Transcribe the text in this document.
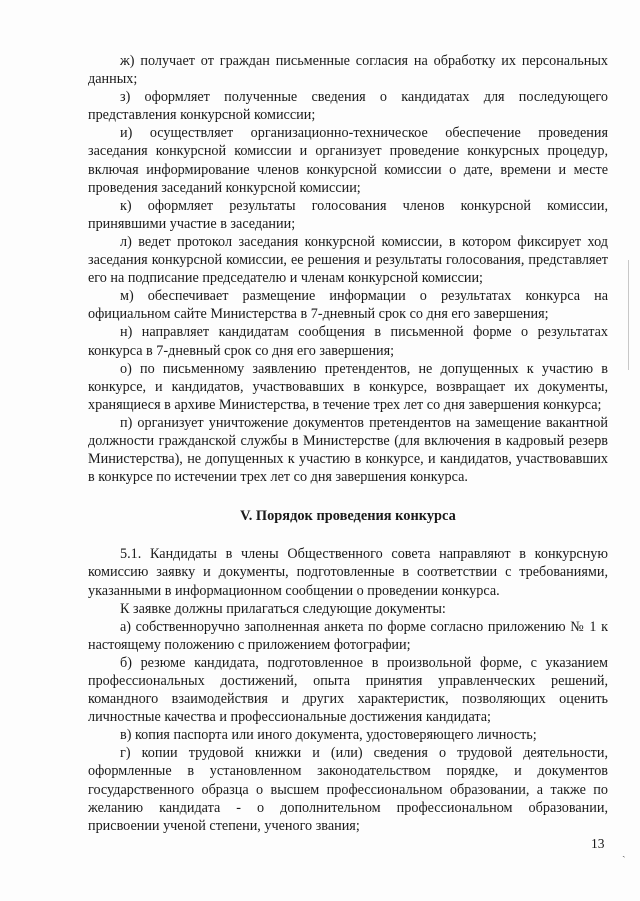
ж) получает от граждан письменные согласия на обработку их персональных данных;

з) оформляет полученные сведения о кандидатах для последующего представления конкурсной комиссии;

и) осуществляет организационно-техническое обеспечение проведения заседания конкурсной комиссии и организует проведение конкурсных процедур, включая информирование членов конкурсной комиссии о дате, времени и месте проведения заседаний конкурсной комиссии;

к) оформляет результаты голосования членов конкурсной комиссии, принявшими участие в заседании;

л) ведет протокол заседания конкурсной комиссии, в котором фиксирует ход заседания конкурсной комиссии, ее решения и результаты голосования, представляет его на подписание председателю и членам конкурсной комиссии;

м) обеспечивает размещение информации о результатах конкурса на официальном сайте Министерства в 7-дневный срок со дня его завершения;

н) направляет кандидатам сообщения в письменной форме о результатах конкурса в 7-дневный срок со дня его завершения;

о) по письменному заявлению претендентов, не допущенных к участию в конкурсе, и кандидатов, участвовавших в конкурсе, возвращает их документы, хранящиеся в архиве Министерства, в течение трех лет со дня завершения конкурса;

п) организует уничтожение документов претендентов на замещение вакантной должности гражданской службы в Министерстве (для включения в кадровый резерв Министерства), не допущенных к участию в конкурсе, и кандидатов, участвовавших в конкурсе по истечении трех лет со дня завершения конкурса.

V. Порядок проведения конкурса

5.1. Кандидаты в члены Общественного совета направляют в конкурсную комиссию заявку и документы, подготовленные в соответствии с требованиями, указанными в информационном сообщении о проведении конкурса.

К заявке должны прилагаться следующие документы:

а) собственноручно заполненная анкета по форме согласно приложению № 1 к настоящему положению с приложением фотографии;

б) резюме кандидата, подготовленное в произвольной форме, с указанием профессиональных достижений, опыта принятия управленческих решений, командного взаимодействия и других характеристик, позволяющих оценить личностные качества и профессиональные достижения кандидата;

в) копия паспорта или иного документа, удостоверяющего личность;

г) копии трудовой книжки и (или) сведения о трудовой деятельности, оформленные в установленном законодательством порядке, и документов государственного образца о высшем профессиональном образовании, а также по желанию кандидата - о дополнительном профессиональном образовании, присвоении ученой степени, ученого звания;

13
ˏ
